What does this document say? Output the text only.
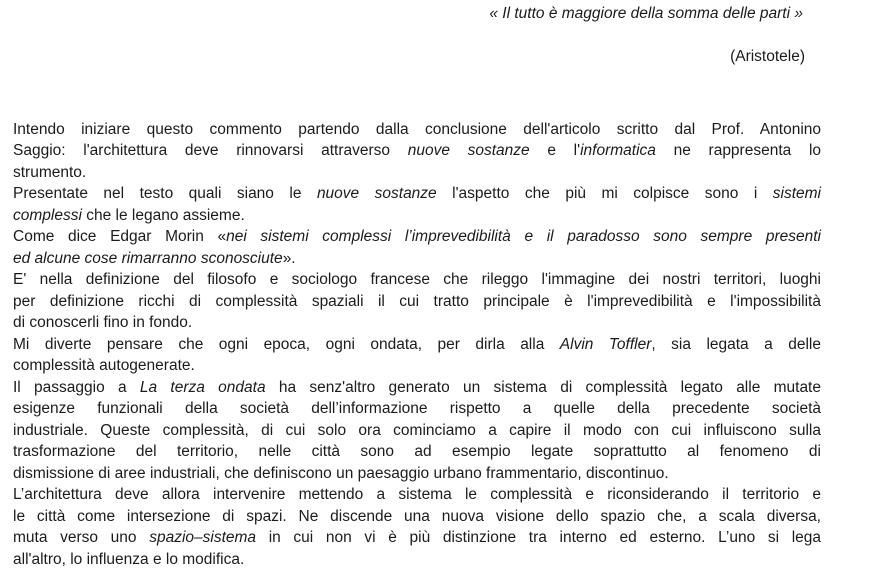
« Il tutto è maggiore della somma delle parti »
(Aristotele)
Intendo iniziare questo commento partendo dalla conclusione dell'articolo scritto dal Prof. Antonino
Saggio: l'architettura deve rinnovarsi attraverso nuove sostanze e l'informatica ne rappresenta lo
strumento.
Presentate nel testo quali siano le nuove sostanze l'aspetto che più mi colpisce sono i sistemi
complessi che le legano assieme.
Come dice Edgar Morin «nei sistemi complessi l’imprevedibilità e il paradosso sono sempre presenti
ed alcune cose rimarranno sconosciute».
E' nella definizione del filosofo e sociologo francese che rileggo l'immagine dei nostri territori, luoghi
per definizione ricchi di complessità spaziali il cui tratto principale è l'imprevedibilità e l'impossibilità
di conoscerli fino in fondo.
Mi diverte pensare che ogni epoca, ogni ondata, per dirla alla Alvin Toffler, sia legata a delle
complessità autogenerate.
Il passaggio a La terza ondata ha senz'altro generato un sistema di complessità legato alle mutate
esigenze funzionali della società dell’informazione rispetto a quelle della precedente società
industriale. Queste complessità, di cui solo ora cominciamo a capire il modo con cui influiscono sulla
trasformazione del territorio, nelle città sono ad esempio legate soprattutto al fenomeno di
dismissione di aree industriali, che definiscono un paesaggio urbano frammentario, discontinuo.
L’architettura deve allora intervenire mettendo a sistema le complessità e riconsiderando il territorio e
le città come intersezione di spazi. Ne discende una nuova visione dello spazio che, a scala diversa,
muta verso uno spazio–sistema in cui non vi è più distinzione tra interno ed esterno. L’uno si lega
all'altro, lo influenza e lo modifica.
